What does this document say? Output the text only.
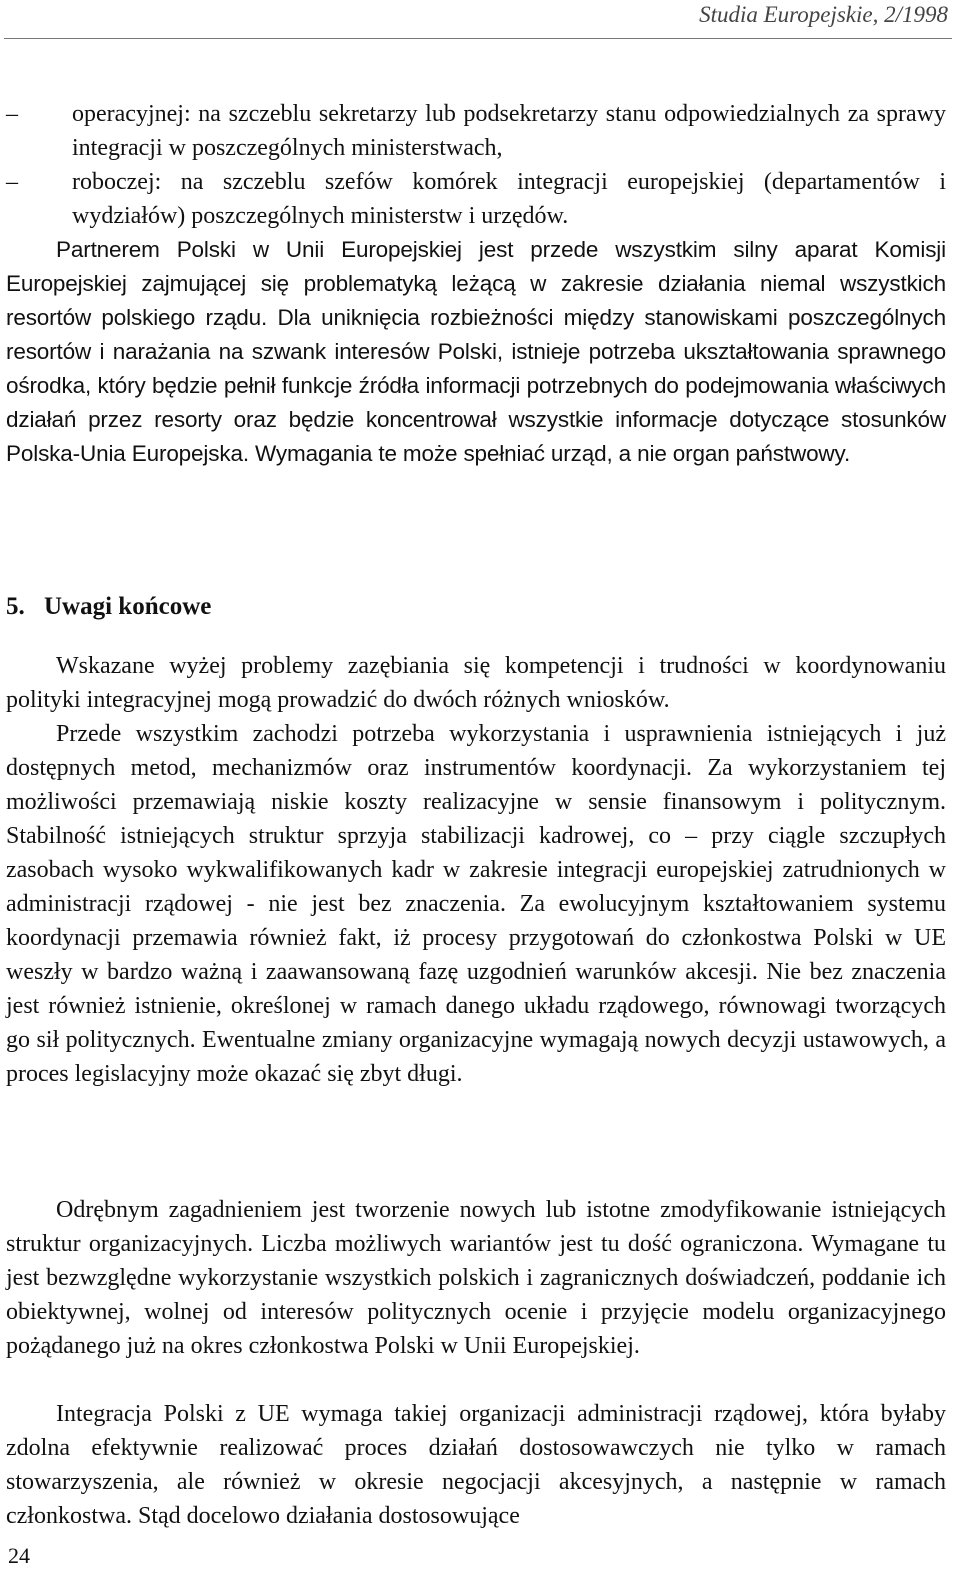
Studia Europejskie, 2/1998
– operacyjnej: na szczeblu sekretarzy lub podsekretarzy stanu odpowiedzialnych za sprawy integracji w poszczególnych ministerstwach,
– roboczej: na szczeblu szefów komórek integracji europejskiej (departamentów i wydziałów) poszczególnych ministerstw i urzędów.

Partnerem Polski w Unii Europejskiej jest przede wszystkim silny aparat Komisji Europejskiej zajmującej się problematyką leżącą w zakresie działania niemal wszystkich resortów polskiego rządu. Dla uniknięcia rozbieżności między stanowiskami poszczególnych resortów i narażania na szwank interesów Polski, istnieje potrzeba ukształtowania sprawnego ośrodka, który będzie pełnił funkcje źródła informacji potrzebnych do podejmowania właściwych działań przez resorty oraz będzie koncentrował wszystkie informacje dotyczące stosunków Polska-Unia Europejska. Wymagania te może spełniać urząd, a nie organ państwowy.

5. Uwagi końcowe

Wskazane wyżej problemy zazębiania się kompetencji i trudności w koordynowaniu polityki integracyjnej mogą prowadzić do dwóch różnych wniosków.

Przede wszystkim zachodzi potrzeba wykorzystania i usprawnienia istniejących i już dostępnych metod, mechanizmów oraz instrumentów koordynacji. Za wykorzystaniem tej możliwości przemawiają niskie koszty realizacyjne w sensie finansowym i politycznym. Stabilność istniejących struktur sprzyja stabilizacji kadrowej, co – przy ciągle szczupłych zasobach wysoko wykwalifikowanych kadr w zakresie integracji europejskiej zatrudnionych w administracji rządowej - nie jest bez znaczenia. Za ewolucyjnym kształtowaniem systemu koordynacji przemawia również fakt, iż procesy przygotowań do członkostwa Polski w UE weszły w bardzo ważną i zaawansowaną fazę uzgodnień warunków akcesji. Nie bez znaczenia jest również istnienie, określonej w ramach danego układu rządowego, równowagi tworzących go sił politycznych. Ewentualne zmiany organizacyjne wymagają nowych decyzji ustawowych, a proces legislacyjny może okazać się zbyt długi.

Odrębnym zagadnieniem jest tworzenie nowych lub istotne zmodyfikowanie istniejących struktur organizacyjnych. Liczba możliwych wariantów jest tu dość ograniczona. Wymagane tu jest bezwzględne wykorzystanie wszystkich polskich i zagranicznych doświadczeń, poddanie ich obiektywnej, wolnej od interesów politycznych ocenie i przyjęcie modelu organizacyjnego pożądanego już na okres członkostwa Polski w Unii Europejskiej.

Integracja Polski z UE wymaga takiej organizacji administracji rządowej, która byłaby zdolna efektywnie realizować proces działań dostosowawczych nie tylko w ramach stowarzyszenia, ale również w okresie negocjacji akcesyjnych, a następnie w ramach członkostwa. Stąd docelowo działania dostosowujące

24
